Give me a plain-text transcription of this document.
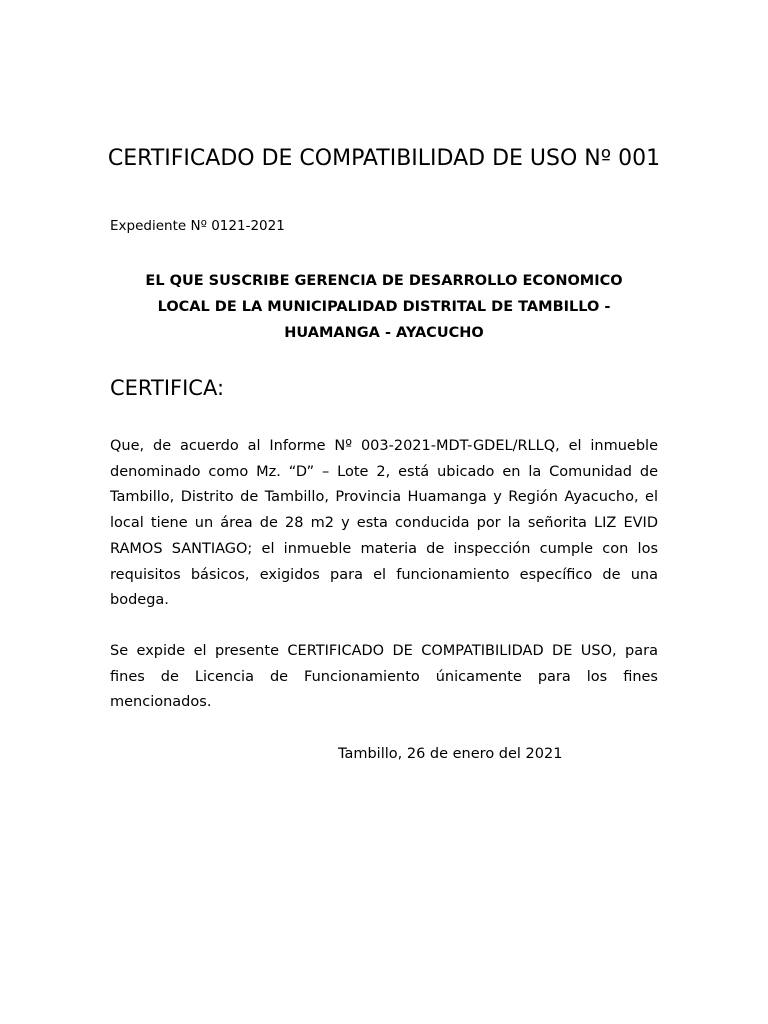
CERTIFICADO DE COMPATIBILIDAD DE USO Nº 001

Expediente Nº 0121-2021

EL QUE SUSCRIBE GERENCIA DE DESARROLLO ECONOMICO LOCAL DE LA MUNICIPALIDAD DISTRITAL DE TAMBILLO - HUAMANGA - AYACUCHO

CERTIFICA:

Que, de acuerdo al Informe Nº 003-2021-MDT-GDEL/RLLQ, el inmueble denominado como Mz. “D” – Lote 2, está ubicado en la Comunidad de Tambillo, Distrito de Tambillo, Provincia Huamanga y Región Ayacucho, el local tiene un área de 28 m2 y esta conducida por la señorita LIZ EVID RAMOS SANTIAGO; el inmueble materia de inspección cumple con los requisitos básicos, exigidos para el funcionamiento específico de una bodega.

Se expide el presente CERTIFICADO DE COMPATIBILIDAD DE USO, para fines de Licencia de Funcionamiento únicamente para los fines mencionados.

Tambillo, 26 de enero del 2021
